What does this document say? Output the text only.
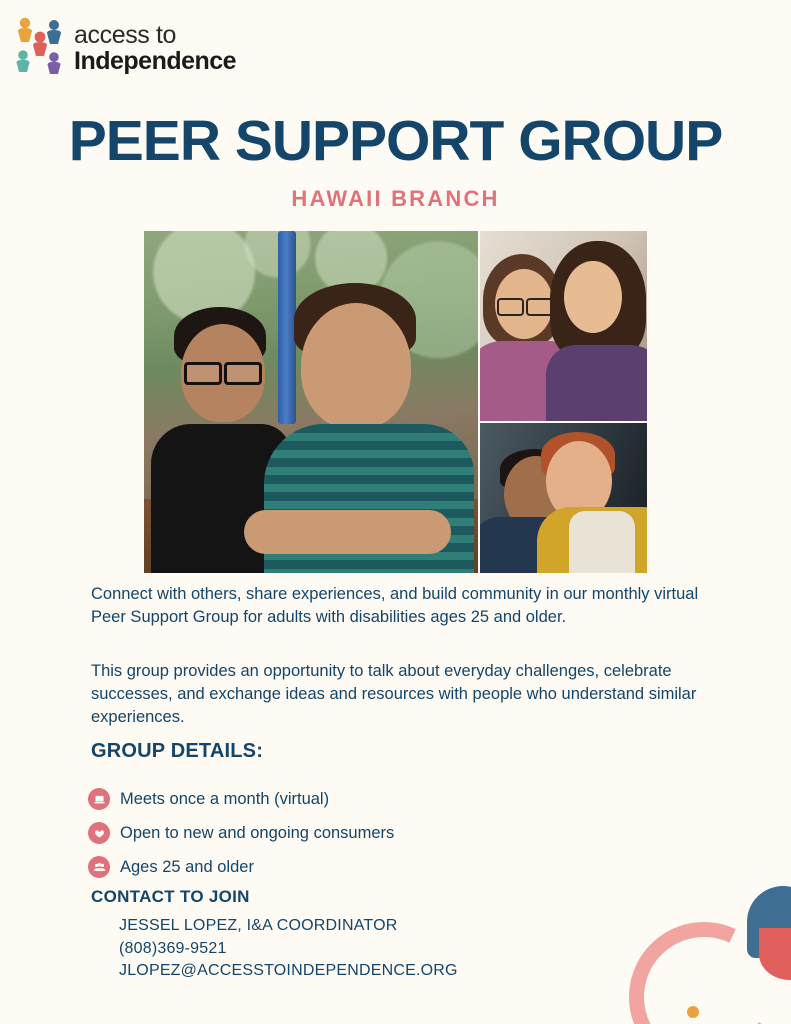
access to
Independence
PEER SUPPORT GROUP
HAWAII BRANCH

Connect with others, share experiences, and build community in our monthly virtual Peer Support Group for adults with disabilities ages 25 and older.

This group provides an opportunity to talk about everyday challenges, celebrate successes, and exchange ideas and resources with people who understand similar experiences.

GROUP DETAILS:
Meets once a month (virtual)
Open to new and ongoing consumers
Ages 25 and older
CONTACT TO JOIN
JESSEL LOPEZ, I&A COORDINATOR
(808)369-9521
JLOPEZ@ACCESSTOINDEPENDENCE.ORG
